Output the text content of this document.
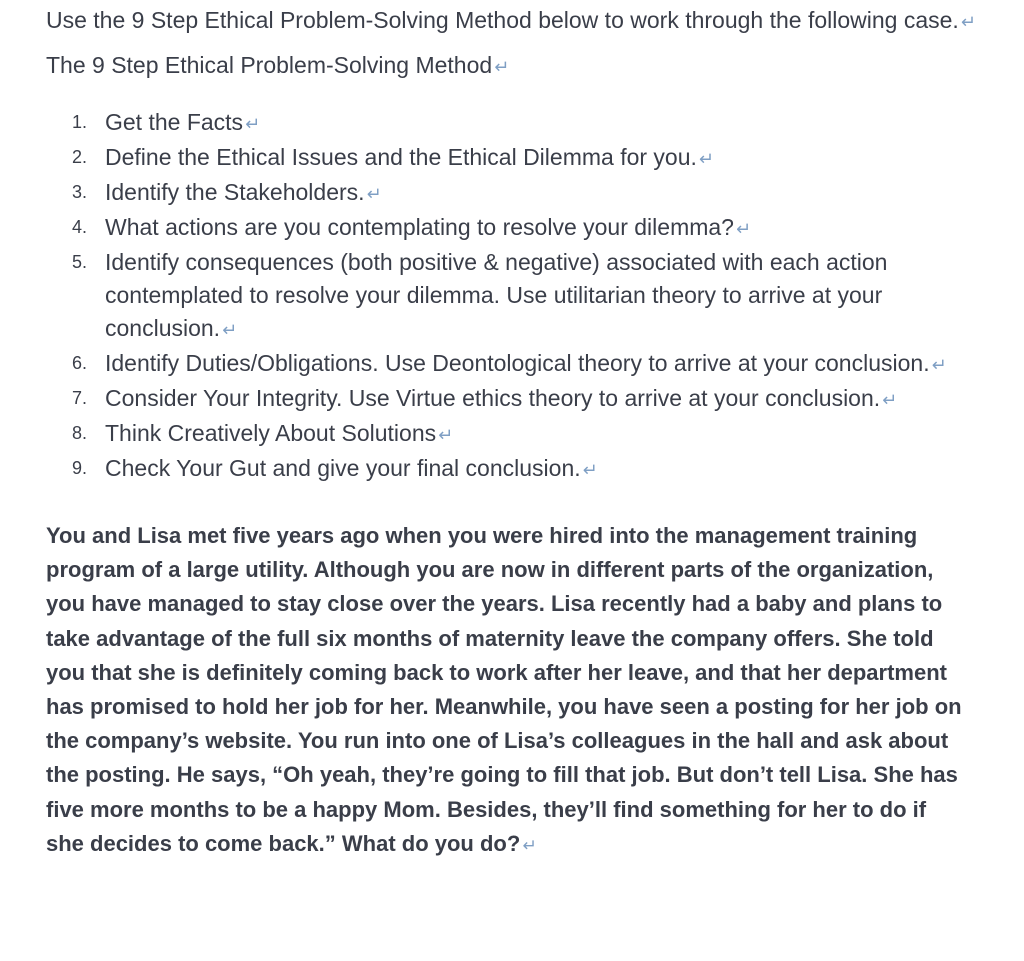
Use the 9 Step Ethical Problem-Solving Method below to work through the following case. ↵

The 9 Step Ethical Problem-Solving Method ↵

1. Get the Facts ↵
2. Define the Ethical Issues and the Ethical Dilemma for you. ↵
3. Identify the Stakeholders. ↵
4. What actions are you contemplating to resolve your dilemma? ↵
5. Identify consequences (both positive & negative) associated with each action contemplated to resolve your dilemma. Use utilitarian theory to arrive at your conclusion. ↵
6. Identify Duties/Obligations. Use Deontological theory to arrive at your conclusion. ↵
7. Consider Your Integrity. Use Virtue ethics theory to arrive at your conclusion. ↵
8. Think Creatively About Solutions ↵
9. Check Your Gut and give your final conclusion. ↵

You and Lisa met five years ago when you were hired into the management training program of a large utility. Although you are now in different parts of the organization, you have managed to stay close over the years. Lisa recently had a baby and plans to take advantage of the full six months of maternity leave the company offers. She told you that she is definitely coming back to work after her leave, and that her department has promised to hold her job for her. Meanwhile, you have seen a posting for her job on the company’s website. You run into one of Lisa’s colleagues in the hall and ask about the posting. He says, “Oh yeah, they’re going to fill that job. But don’t tell Lisa. She has five more months to be a happy Mom. Besides, they’ll find something for her to do if she decides to come back.” What do you do? ↵
